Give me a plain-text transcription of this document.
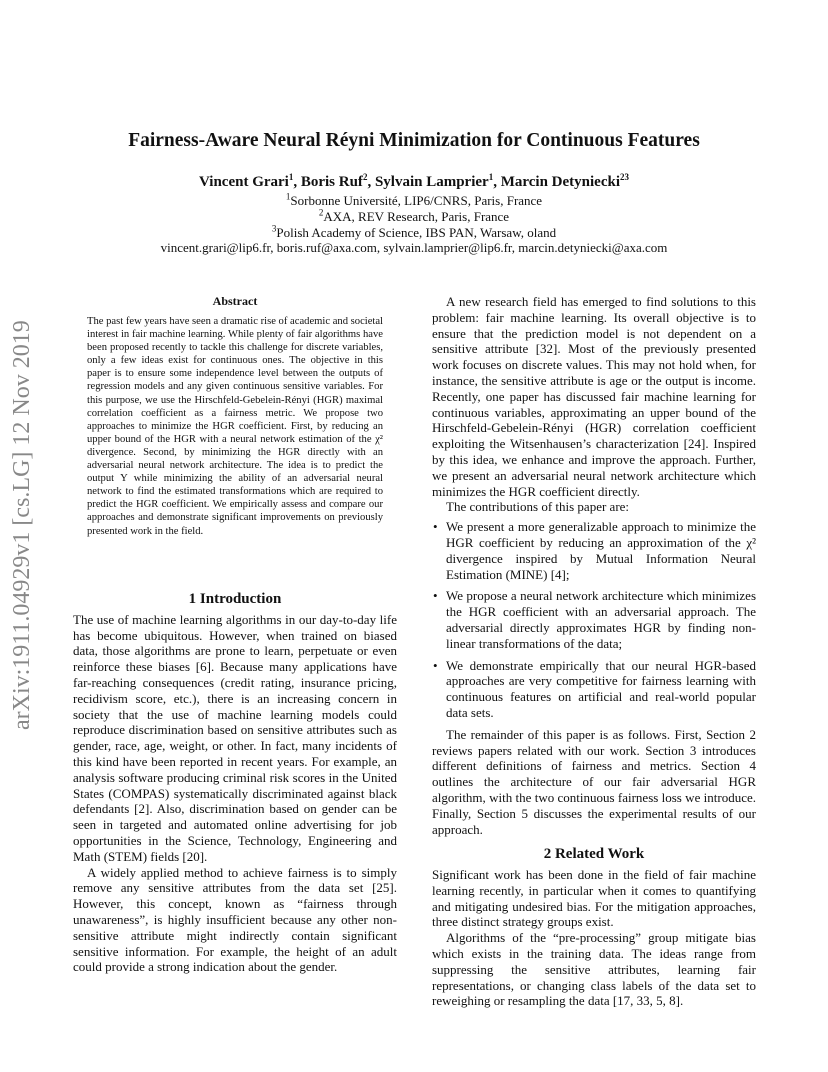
arXiv:1911.04929v1 [cs.LG] 12 Nov 2019
Fairness-Aware Neural Réyni Minimization for Continuous Features
Vincent Grari$^1$, Boris Ruf$^2$, Sylvain Lamprier$^1$, Marcin Detyniecki$^{23}$
$^1$Sorbonne Université, LIP6/CNRS, Paris, France
$^2$AXA, REV Research, Paris, France
$^3$Polish Academy of Science, IBS PAN, Warsaw, oland
vincent.grari@lip6.fr, boris.ruf@axa.com, sylvain.lamprier@lip6.fr, marcin.detyniecki@axa.com
Abstract
The past few years have seen a dramatic rise of academic and societal interest in fair machine learning. While plenty of fair algorithms have been proposed recently to tackle this challenge for discrete variables, only a few ideas exist for continuous ones. The objective in this paper is to ensure some independence level between the outputs of regression models and any given continuous sensitive variables. For this purpose, we use the Hirschfeld-Gebelein-Rényi (HGR) maximal correlation coefficient as a fairness metric. We propose two approaches to minimize the HGR coefficient. First, by reducing an upper bound of the HGR with a neural network estimation of the χ² divergence. Second, by minimizing the HGR directly with an adversarial neural network architecture. The idea is to predict the output Y while minimizing the ability of an adversarial neural network to find the estimated transformations which are required to predict the HGR coefficient. We empirically assess and compare our approaches and demonstrate significant improvements on previously presented work in the field.
1 Introduction

The use of machine learning algorithms in our day-to-day life has become ubiquitous. However, when trained on biased data, those algorithms are prone to learn, perpetuate or even reinforce these biases [6]. Because many applications have far-reaching consequences (credit rating, insurance pricing, recidivism score, etc.), there is an increasing concern in society that the use of machine learning models could reproduce discrimination based on sensitive attributes such as gender, race, age, weight, or other. In fact, many incidents of this kind have been reported in recent years. For example, an analysis software producing criminal risk scores in the United States (COMPAS) systematically discriminated against black defendants [2]. Also, discrimination based on gender can be seen in targeted and automated online advertising for job opportunities in the Science, Technology, Engineering and Math (STEM) fields [20].

A widely applied method to achieve fairness is to simply remove any sensitive attributes from the data set [25]. However, this concept, known as “fairness through unawareness”, is highly insufficient because any other non-sensitive attribute might indirectly contain significant sensitive information. For example, the height of an adult could provide a strong indication about the gender.

A new research field has emerged to find solutions to this problem: fair machine learning. Its overall objective is to ensure that the prediction model is not dependent on a sensitive attribute [32]. Most of the previously presented work focuses on discrete values. This may not hold when, for instance, the sensitive attribute is age or the output is income. Recently, one paper has discussed fair machine learning for continuous variables, approximating an upper bound of the Hirschfeld-Gebelein-Rényi (HGR) correlation coefficient exploiting the Witsenhausen’s characterization [24]. Inspired by this idea, we enhance and improve the approach. Further, we present an adversarial neural network architecture which minimizes the HGR coefficient directly.

The contributions of this paper are:

• We present a more generalizable approach to minimize the HGR coefficient by reducing an approximation of the χ² divergence inspired by Mutual Information Neural Estimation (MINE) [4];
• We propose a neural network architecture which minimizes the HGR coefficient with an adversarial approach. The adversarial directly approximates HGR by finding non-linear transformations of the data;
• We demonstrate empirically that our neural HGR-based approaches are very competitive for fairness learning with continuous features on artificial and real-world popular data sets.

The remainder of this paper is as follows. First, Section 2 reviews papers related with our work. Section 3 introduces different definitions of fairness and metrics. Section 4 outlines the architecture of our fair adversarial HGR algorithm, with the two continuous fairness loss we introduce. Finally, Section 5 discusses the experimental results of our approach.

2 Related Work

Significant work has been done in the field of fair machine learning recently, in particular when it comes to quantifying and mitigating undesired bias. For the mitigation approaches, three distinct strategy groups exist.

Algorithms of the “pre-processing” group mitigate bias which exists in the training data. The ideas range from suppressing the sensitive attributes, learning fair representations, or changing class labels of the data set to reweighing or resampling the data [17, 33, 5, 8].
